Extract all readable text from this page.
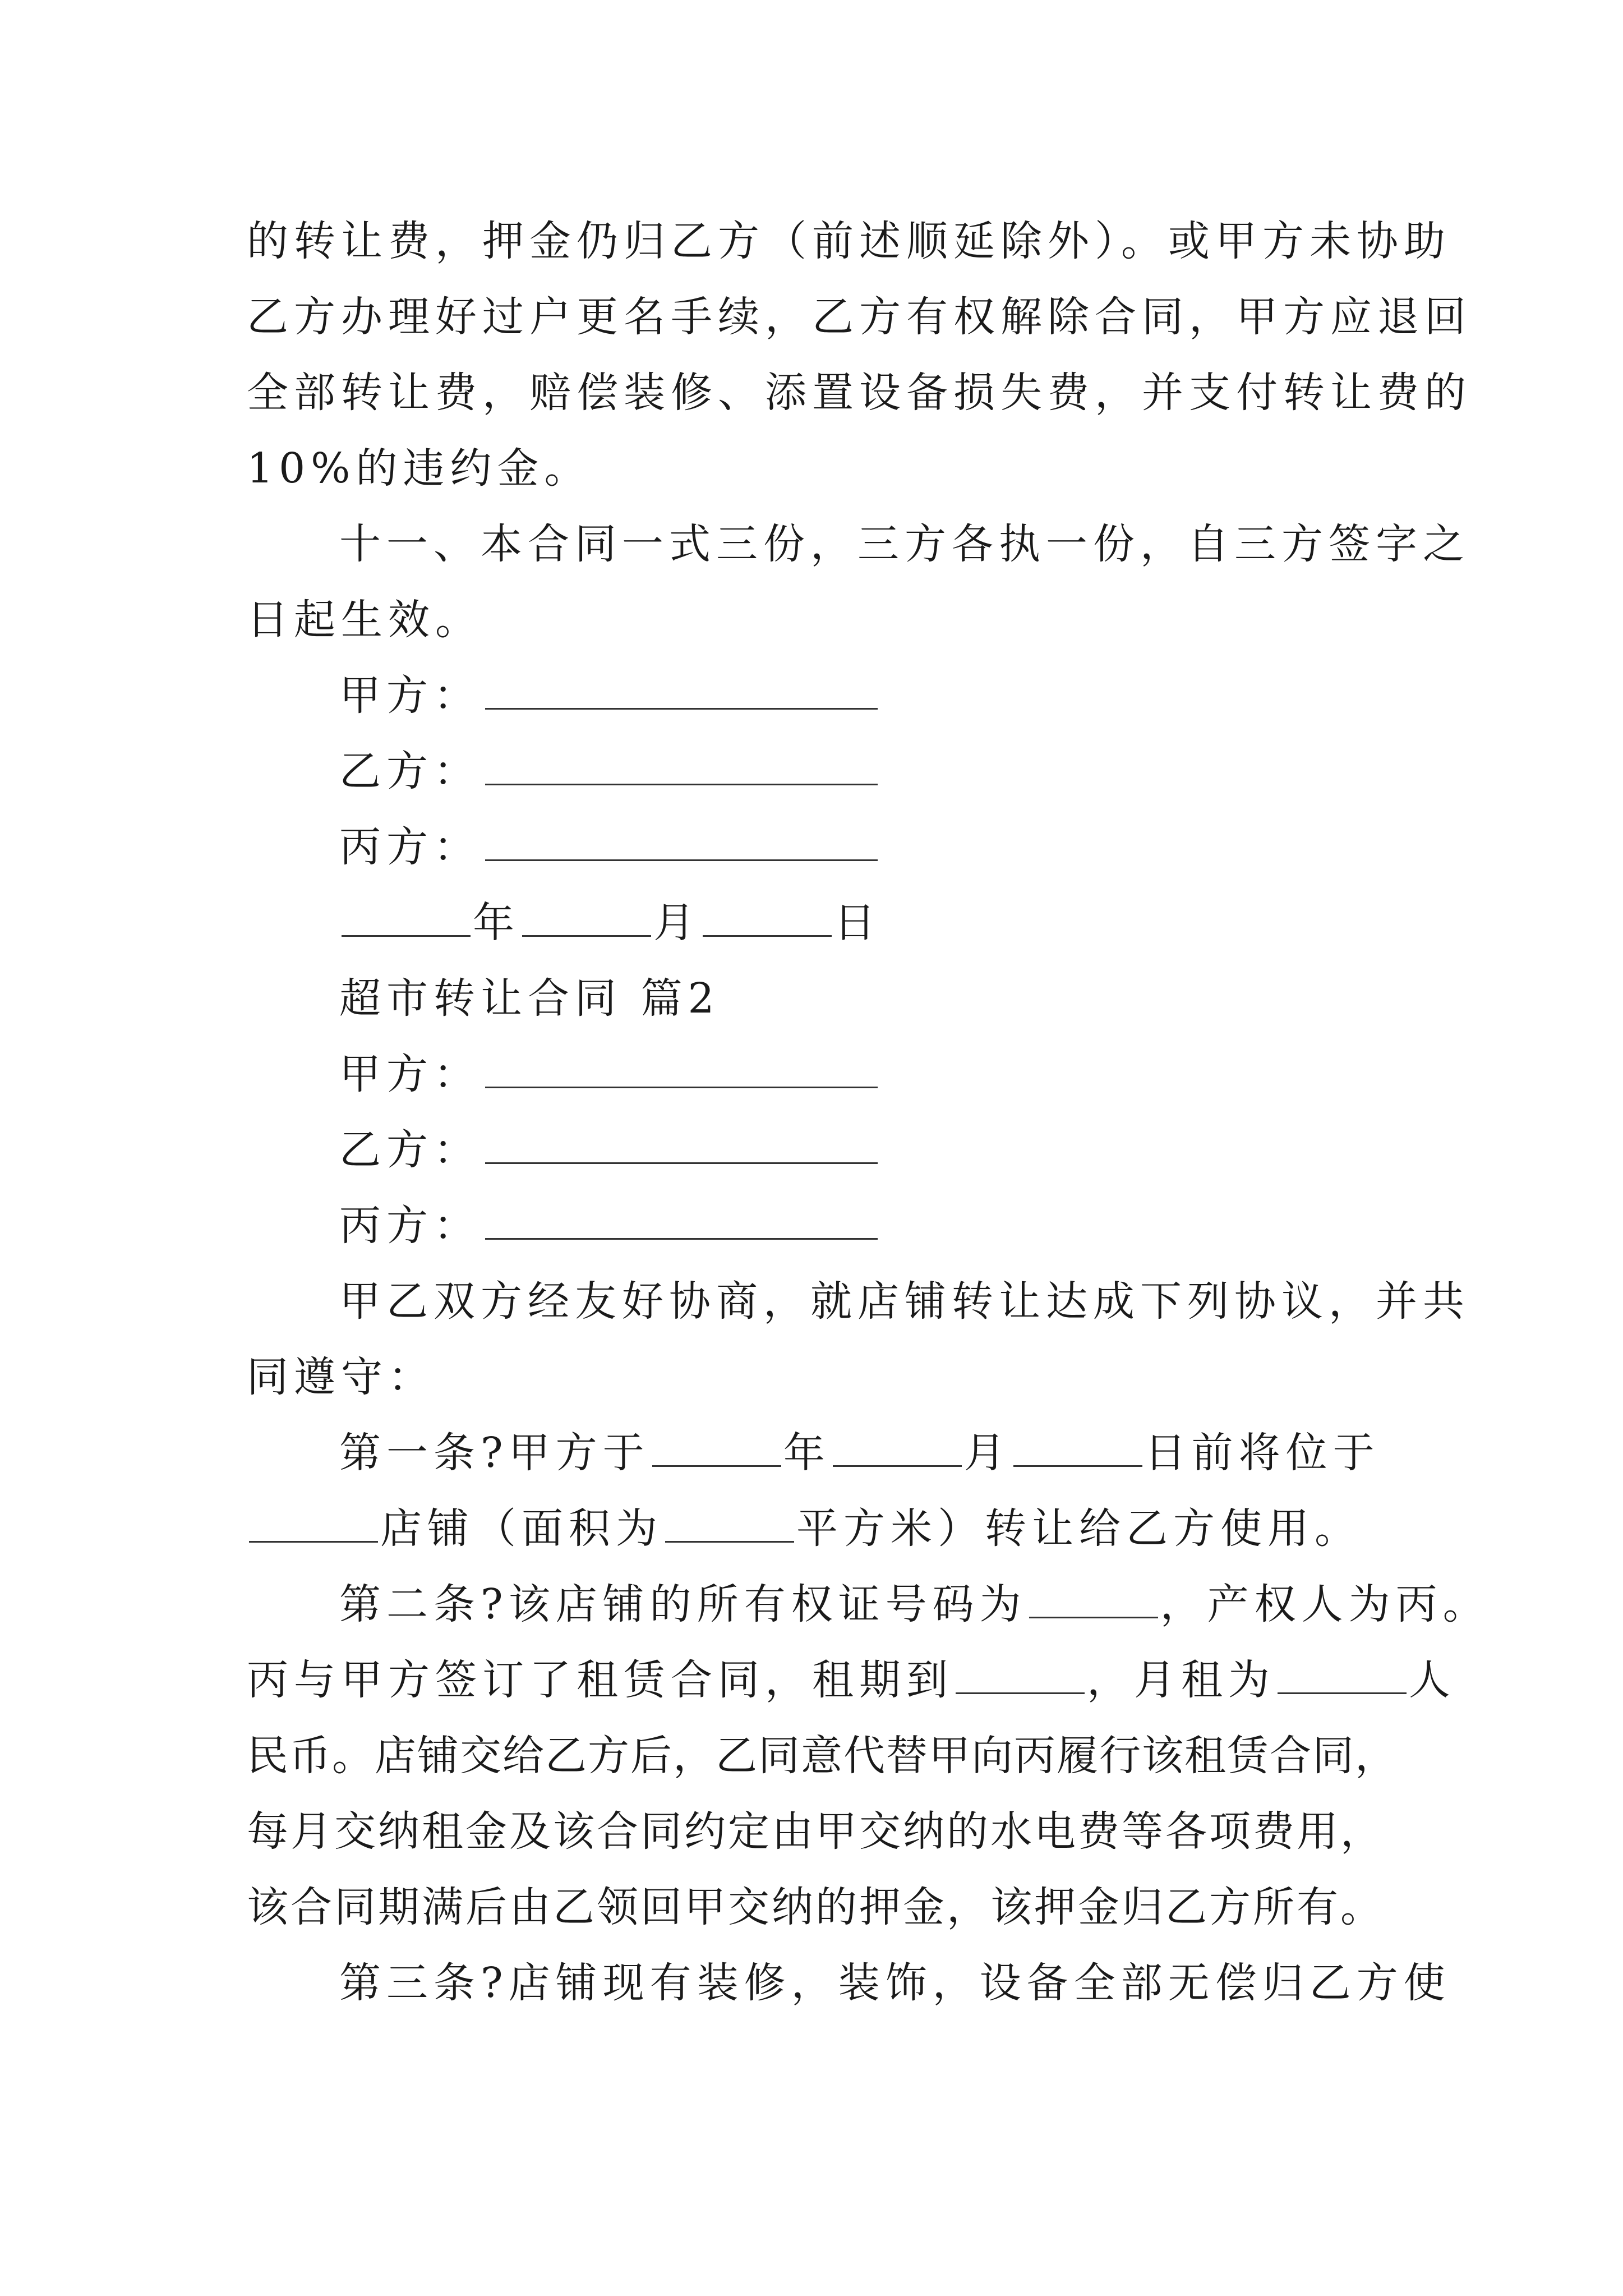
的转让费，押金仍归乙方（前述顺延除外）。或甲方未协助
乙方办理好过户更名手续，乙方有权解除合同，甲方应退回
全部转让费，赔偿装修、添置设备损失费，并支付转让费的
10%的违约金。
十一、本合同一式三份，三方各执一份，自三方签字之
日起生效。
甲方：
乙方：
丙方：
年	月	日
超市转让合同 篇2
甲方：
乙方：
丙方：
甲乙双方经友好协商，就店铺转让达成下列协议，并共
同遵守：
第一条?甲方于	年	月	日前将位于
店铺（面积为	平方米）转让给乙方使用。
第二条?该店铺的所有权证号码为	，产权人为丙。
丙与甲方签订了租赁合同，租期到	，月租为	人
民币。店铺交给乙方后，乙同意代替甲向丙履行该租赁合同，
每月交纳租金及该合同约定由甲交纳的水电费等各项费用，
该合同期满后由乙领回甲交纳的押金，该押金归乙方所有。
第三条?店铺现有装修，装饰，设备全部无偿归乙方使
